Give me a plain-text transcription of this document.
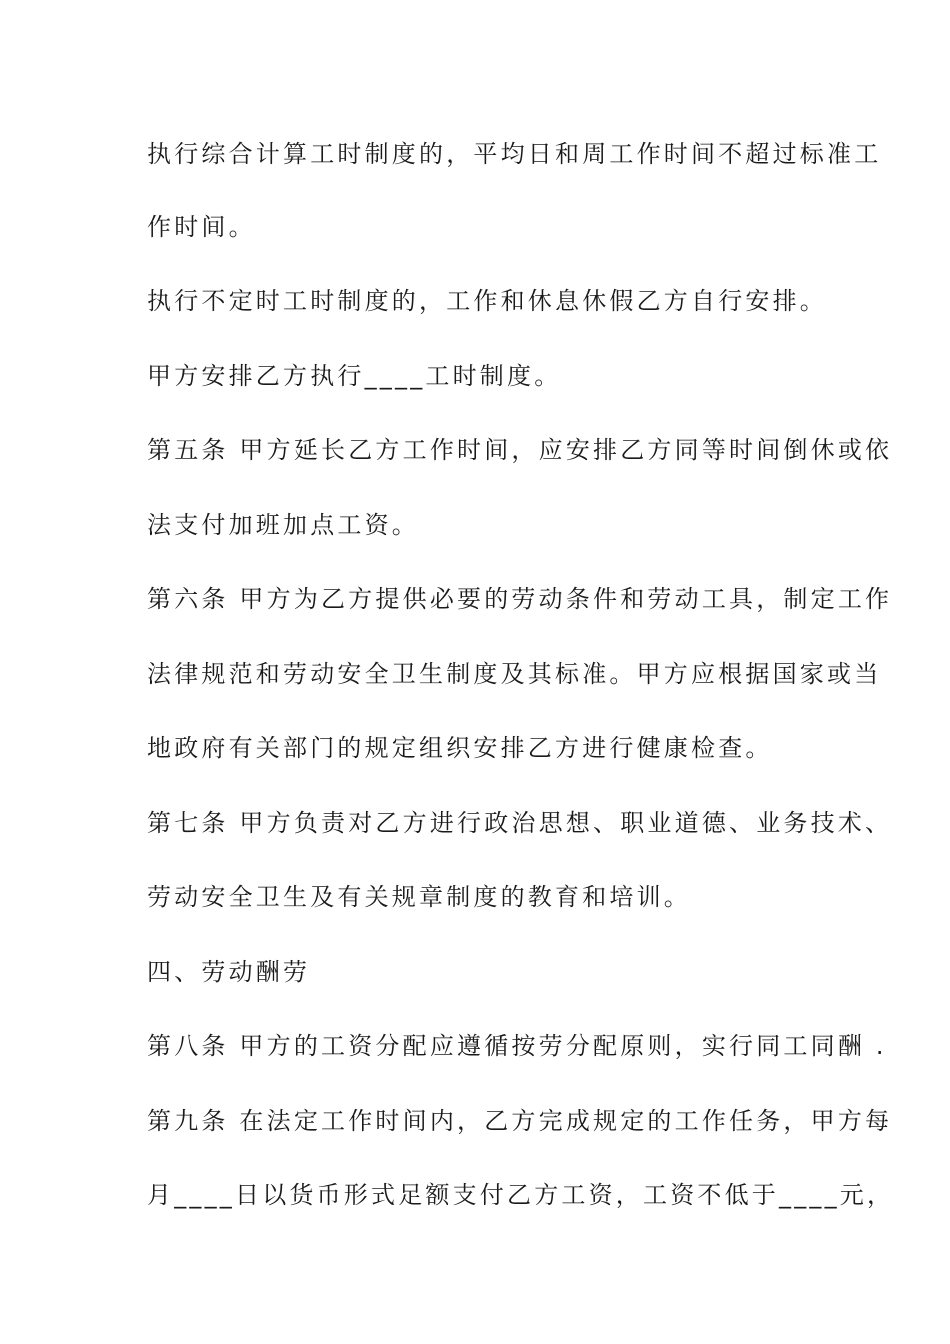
执行综合计算工时制度的，平均日和周工作时间不超过标准工
作时间。
执行不定时工时制度的，工作和休息休假乙方自行安排。
甲方安排乙方执行____工时制度。
第五条 甲方延长乙方工作时间，应安排乙方同等时间倒休或依
法支付加班加点工资。
第六条 甲方为乙方提供必要的劳动条件和劳动工具，制定工作
法律规范和劳动安全卫生制度及其标准。甲方应根据国家或当
地政府有关部门的规定组织安排乙方进行健康检查。
第七条 甲方负责对乙方进行政治思想、职业道德、业务技术、
劳动安全卫生及有关规章制度的教育和培训。
四、劳动酬劳
第八条 甲方的工资分配应遵循按劳分配原则，实行同工同酬 .
第九条 在法定工作时间内，乙方完成规定的工作任务，甲方每
月____日以货币形式足额支付乙方工资，工资不低于____元，
